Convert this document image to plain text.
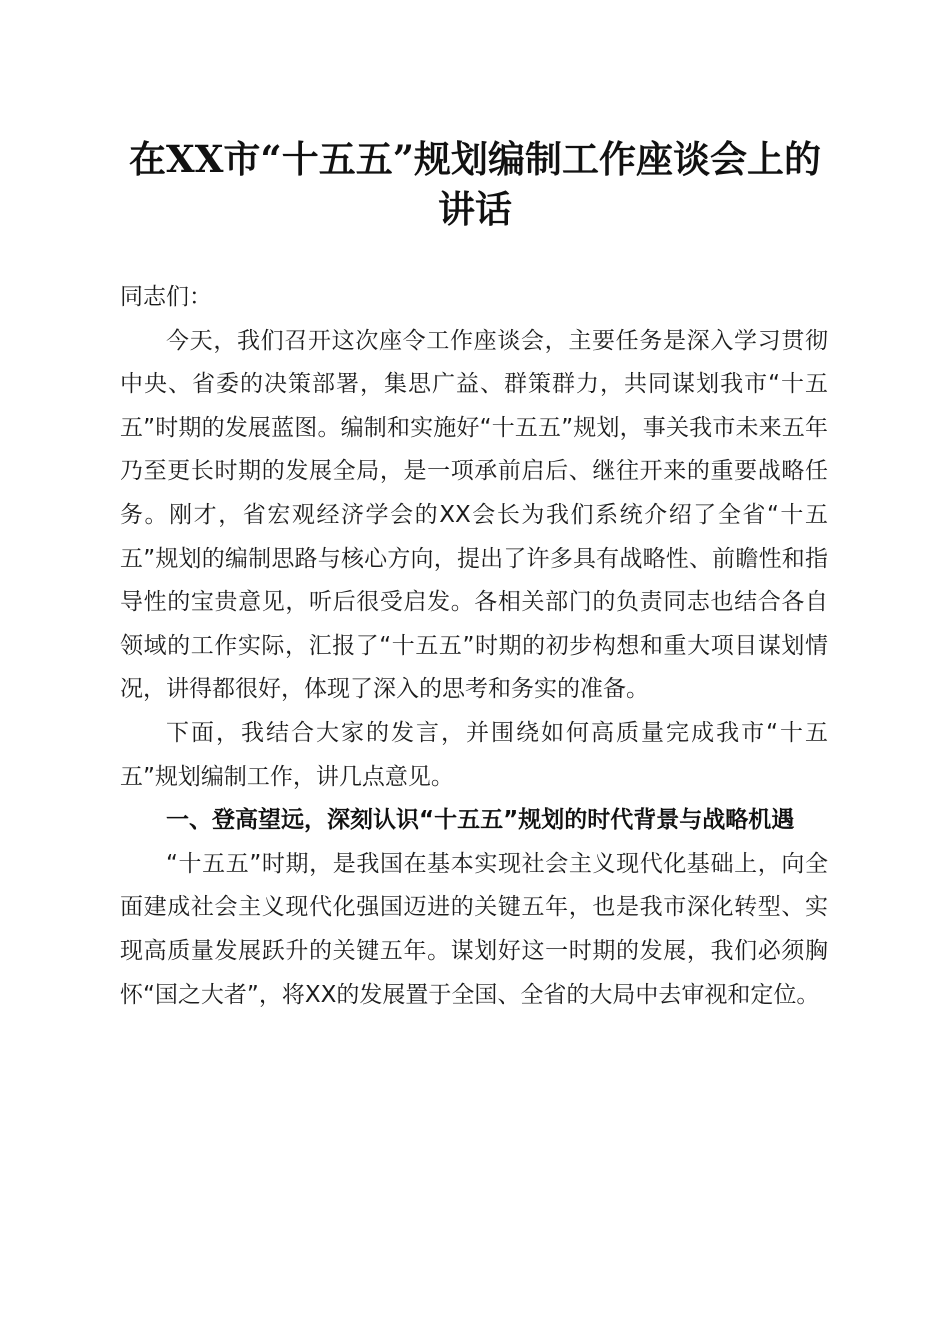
在XX市“十五五”规划编制工作座谈会上的
讲话

同志们：

今天，我们召开这次座令工作座谈会，主要任务是深入学习贯彻中央、省委的决策部署，集思广益、群策群力，共同谋划我市“十五五”时期的发展蓝图。编制和实施好“十五五”规划，事关我市未来五年乃至更长时期的发展全局，是一项承前启后、继往开来的重要战略任务。刚才，省宏观经济学会的XX会长为我们系统介绍了全省“十五五”规划的编制思路与核心方向，提出了许多具有战略性、前瞻性和指导性的宝贵意见，听后很受启发。各相关部门的负责同志也结合各自领域的工作实际，汇报了“十五五”时期的初步构想和重大项目谋划情况，讲得都很好，体现了深入的思考和务实的准备。

下面，我结合大家的发言，并围绕如何高质量完成我市“十五五”规划编制工作，讲几点意见。

一、登高望远，深刻认识“十五五”规划的时代背景与战略机遇

“十五五”时期，是我国在基本实现社会主义现代化基础上，向全面建成社会主义现代化强国迈进的关键五年，也是我市深化转型、实现高质量发展跃升的关键五年。谋划好这一时期的发展，我们必须胸怀“国之大者”，将XX的发展置于全国、全省的大局中去审视和定位。
